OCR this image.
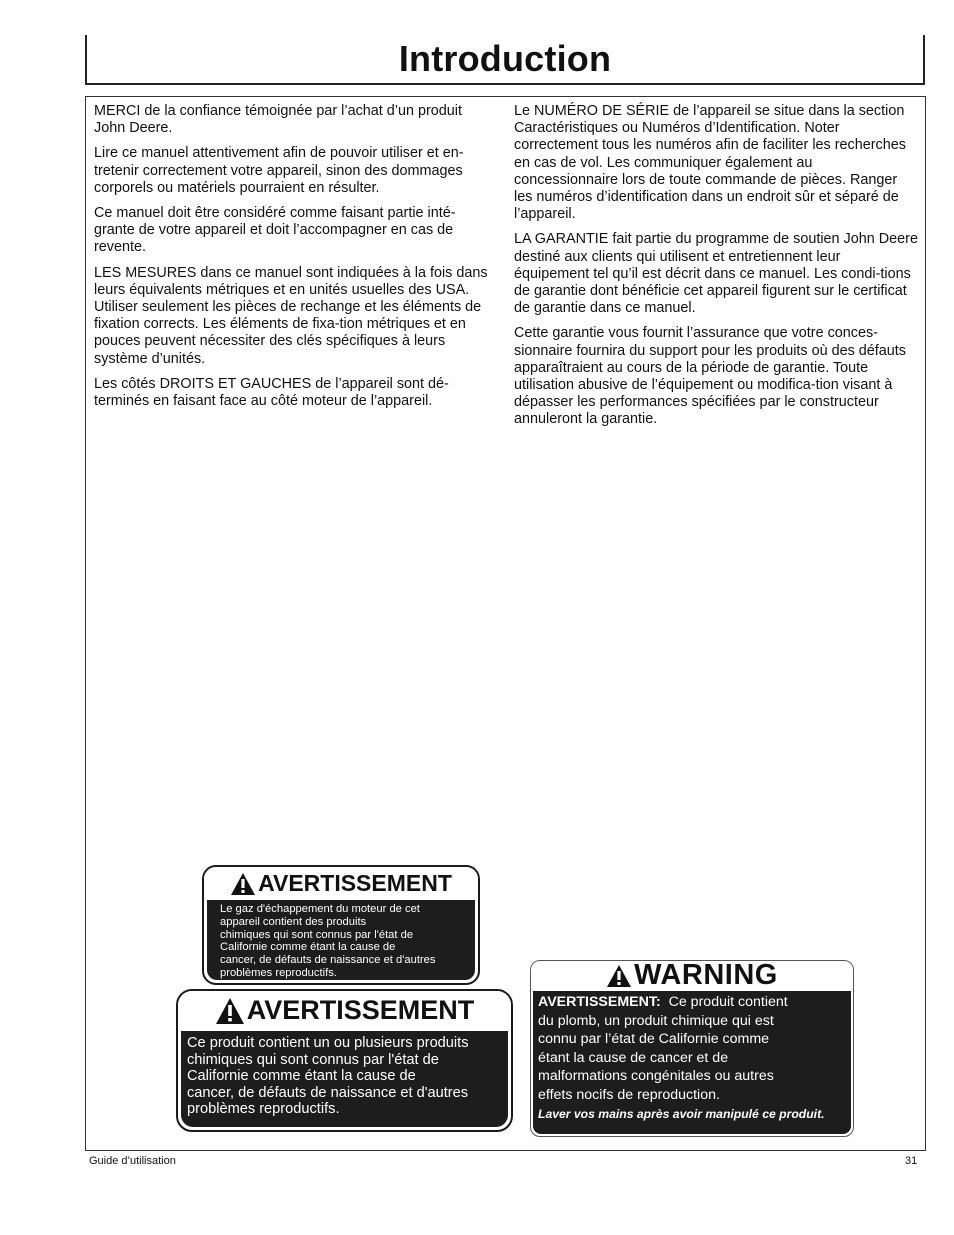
Introduction

MERCI de la confiance témoignée par l’achat d’un produit John Deere.

Lire ce manuel attentivement afin de pouvoir utiliser et en-tretenir correctement votre appareil, sinon des dommages corporels ou matériels pourraient en résulter.

Ce manuel doit être considéré comme faisant partie inté-grante de votre appareil et doit l’accompagner en cas de revente.

LES MESURES dans ce manuel sont indiquées à la fois dans leurs équivalents métriques et en unités usuelles des USA. Utiliser seulement les pièces de rechange et les éléments de fixation corrects. Les éléments de fixa-tion métriques et en pouces peuvent nécessiter des clés spécifiques à leurs système d’unités.

Les côtés DROITS ET GAUCHES de l’appareil sont dé-terminés en faisant face au côté moteur de l’appareil.

Le NUMÉRO DE SÉRIE de l’appareil se situe dans la section Caractéristiques ou Numéros d’Identification. Noter correctement tous les numéros afin de faciliter les recherches en cas de vol. Les communiquer également au concessionnaire lors de toute commande de pièces. Ranger les numéros d’identification dans un endroit sûr et séparé de l’appareil.

LA GARANTIE fait partie du programme de soutien John Deere destiné aux clients qui utilisent et entretiennent leur équipement tel qu’il est décrit dans ce manuel. Les condi-tions de garantie dont bénéficie cet appareil figurent sur le certificat de garantie dans ce manuel.

Cette garantie vous fournit l’assurance que votre conces-sionnaire fournira du support pour les produits où des défauts apparaîtraient au cours de la période de garantie. Toute utilisation abusive de l’équipement ou modifica-tion visant à dépasser les performances spécifiées par le constructeur annuleront la garantie.

AVERTISSEMENT
Le gaz d'échappement du moteur de cet
appareil contient des produits
chimiques qui sont connus par l'état de
Californie comme étant la cause de
cancer, de défauts de naissance et d'autres
problèmes reproductifs.
AVERTISSEMENT
Ce produit contient un ou plusieurs produits
chimiques qui sont connus par l'état de
Californie comme étant la cause de
cancer, de défauts de naissance et d'autres
problèmes reproductifs.
WARNING
AVERTISSEMENT: Ce produit contient
du plomb, un produit chimique qui est
connu par l’état de Californie comme
étant la cause de cancer et de
malformations congénitales ou autres
effets nocifs de reproduction.
Laver vos mains après avoir manipulé ce produit.
Guide d’utilisation	31
